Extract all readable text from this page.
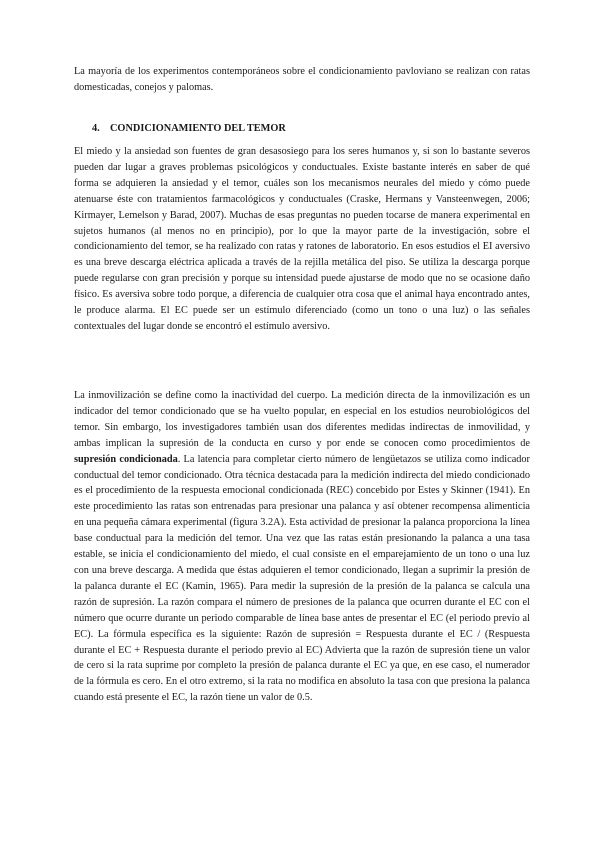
La mayoría de los experimentos contemporáneos sobre el condicionamiento pavloviano se realizan con ratas domesticadas, conejos y palomas.

4. CONDICIONAMIENTO DEL TEMOR

El miedo y la ansiedad son fuentes de gran desasosiego para los seres humanos y, si son lo bastante severos pueden dar lugar a graves problemas psicológicos y conductuales. Existe bastante interés en saber de qué forma se adquieren la ansiedad y el temor, cuáles son los mecanismos neurales del miedo y cómo puede atenuarse éste con tratamientos farmacológicos y conductuales (Craske, Hermans y Vansteenwegen, 2006; Kirmayer, Lemelson y Barad, 2007). Muchas de esas preguntas no pueden tocarse de manera experimental en sujetos humanos (al menos no en principio), por lo que la mayor parte de la investigación, sobre el condicionamiento del temor, se ha realizado con ratas y ratones de laboratorio. En esos estudios el EI aversivo es una breve descarga eléctrica aplicada a través de la rejilla metálica del piso. Se utiliza la descarga porque puede regularse con gran precisión y porque su intensidad puede ajustarse de modo que no se ocasione daño físico. Es aversiva sobre todo porque, a diferencia de cualquier otra cosa que el animal haya encontrado antes, le produce alarma. El EC puede ser un estímulo diferenciado (como un tono o una luz) o las señales contextuales del lugar donde se encontró el estímulo aversivo.

La inmovilización se define como la inactividad del cuerpo. La medición directa de la inmovilización es un indicador del temor condicionado que se ha vuelto popular, en especial en los estudios neurobiológicos del temor. Sin embargo, los investigadores también usan dos diferentes medidas indirectas de inmovilidad, y ambas implican la supresión de la conducta en curso y por ende se conocen como procedimientos de supresión condicionada. La latencia para completar cierto número de lengüetazos se utiliza como indicador conductual del temor condicionado. Otra técnica destacada para la medición indirecta del miedo condicionado es el procedimiento de la respuesta emocional condicionada (REC) concebido por Estes y Skinner (1941). En este procedimiento las ratas son entrenadas para presionar una palanca y así obtener recompensa alimenticia en una pequeña cámara experimental (figura 3.2A). Esta actividad de presionar la palanca proporciona la línea base conductual para la medición del temor. Una vez que las ratas están presionando la palanca a una tasa estable, se inicia el condicionamiento del miedo, el cual consiste en el emparejamiento de un tono o una luz con una breve descarga. A medida que éstas adquieren el temor condicionado, llegan a suprimir la presión de la palanca durante el EC (Kamin, 1965). Para medir la supresión de la presión de la palanca se calcula una razón de supresión. La razón compara el número de presiones de la palanca que ocurren durante el EC con el número que ocurre durante un periodo comparable de línea base antes de presentar el EC (el periodo previo al EC). La fórmula específica es la siguiente: Razón de supresión = Respuesta durante el EC / (Respuesta durante el EC + Respuesta durante el periodo previo al EC) Advierta que la razón de supresión tiene un valor de cero si la rata suprime por completo la presión de palanca durante el EC ya que, en ese caso, el numerador de la fórmula es cero. En el otro extremo, si la rata no modifica en absoluto la tasa con que presiona la palanca cuando está presente el EC, la razón tiene un valor de 0.5.
